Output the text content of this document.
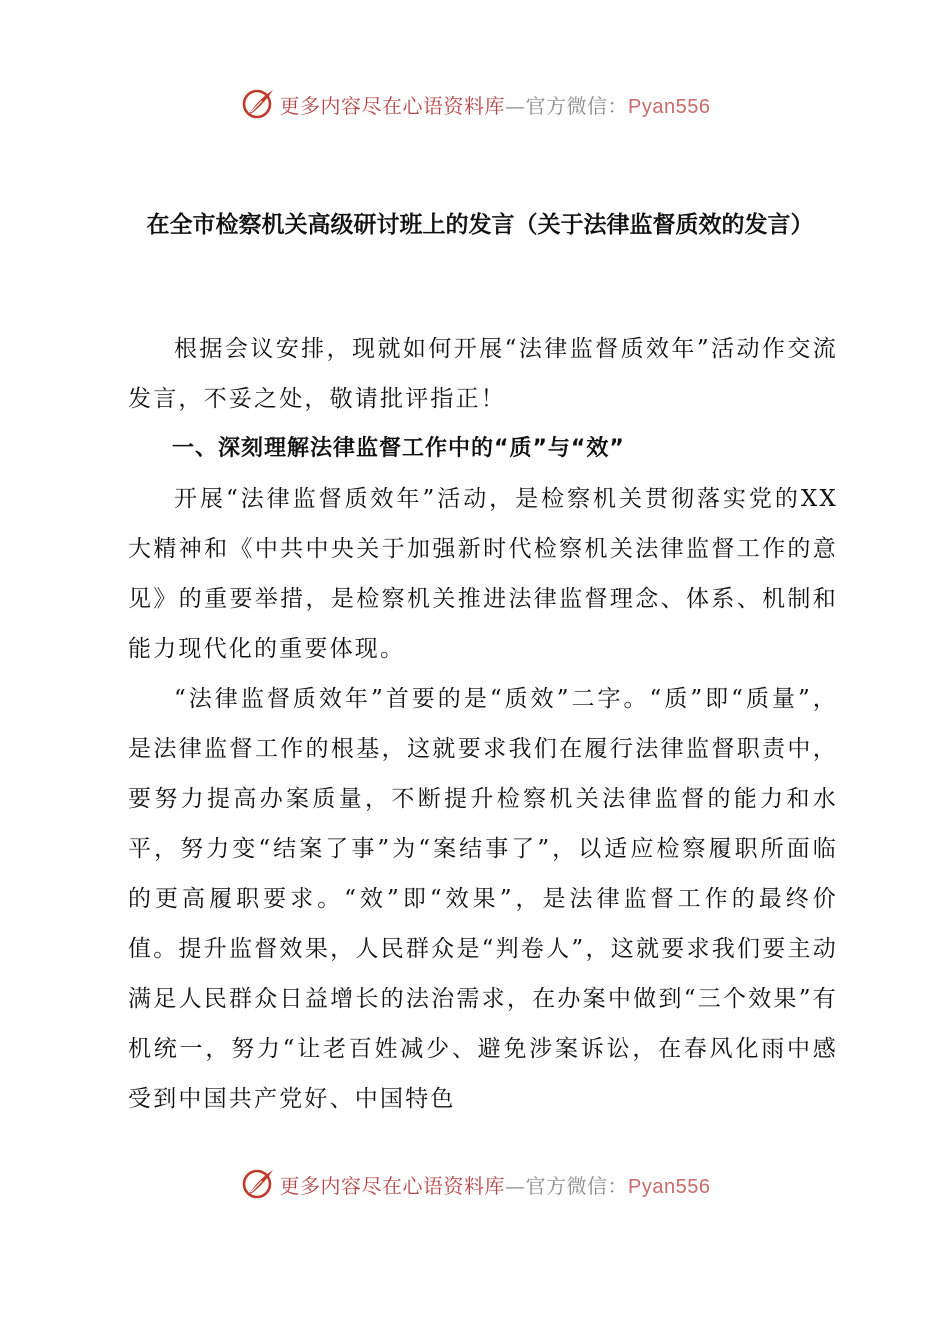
更多内容尽在心语资料库—官方微信：Pyan556
在全市检察机关高级研讨班上的发言（关于法律监督质效的发言）

根据会议安排，现就如何开展“法律监督质效年”活动作交流发言，不妥之处，敬请批评指正！

一、深刻理解法律监督工作中的“质”与“效”

开展“法律监督质效年”活动，是检察机关贯彻落实党的XX大精神和《中共中央关于加强新时代检察机关法律监督工作的意见》的重要举措，是检察机关推进法律监督理念、体系、机制和能力现代化的重要体现。

“法律监督质效年”首要的是“质效”二字。“质”即“质量”，是法律监督工作的根基，这就要求我们在履行法律监督职责中，要努力提高办案质量，不断提升检察机关法律监督的能力和水平，努力变“结案了事”为“案结事了”，以适应检察履职所面临的更高履职要求。“效”即“效果”，是法律监督工作的最终价值。提升监督效果，人民群众是“判卷人”，这就要求我们要主动满足人民群众日益增长的法治需求，在办案中做到“三个效果”有机统一，努力“让老百姓减少、避免涉案诉讼，在春风化雨中感受到中国共产党好、中国特色

更多内容尽在心语资料库—官方微信：Pyan556
